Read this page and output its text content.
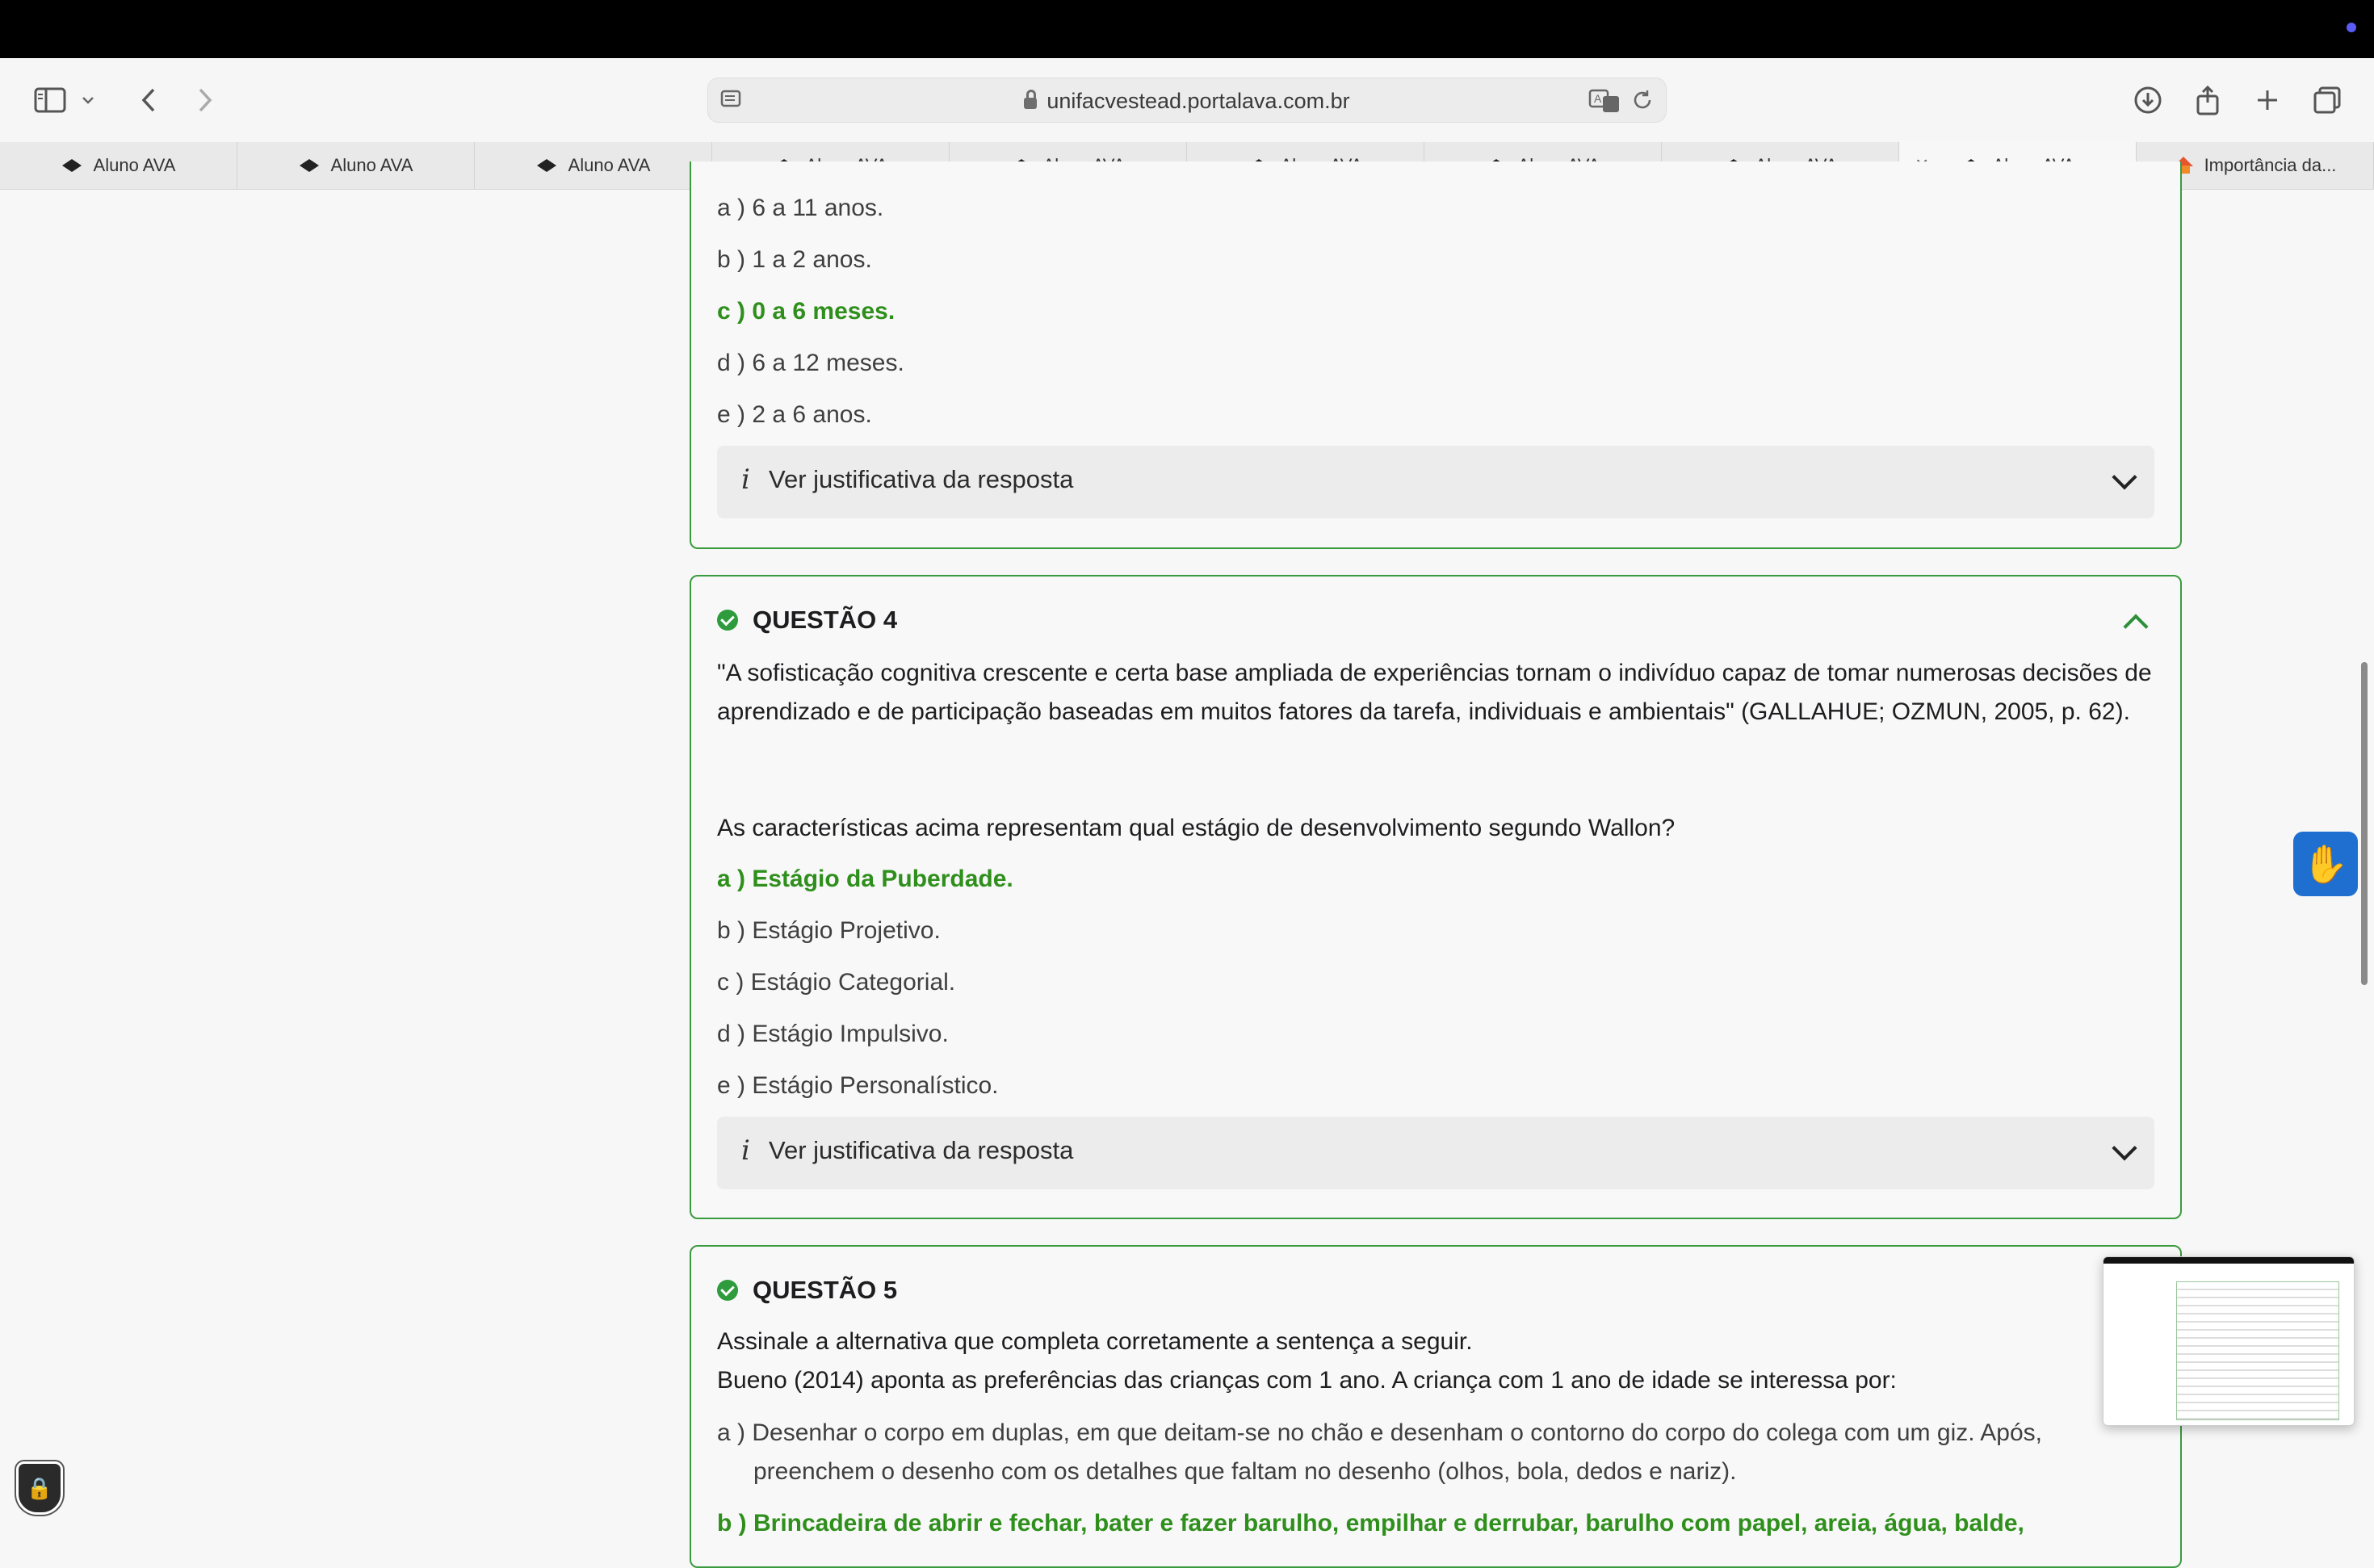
unifacvestead.portalava.com.br	A
Aluno AVA	Aluno AVA	Aluno AVA	Importância da...
a ) 6 a 11 anos.
b ) 1 a 2 anos.
c ) 0 a 6 meses.
d ) 6 a 12 meses.
e ) 2 a 6 anos.
i Ver justificativa da resposta
QUESTÃO 4
"A sofisticação cognitiva crescente e certa base ampliada de experiências tornam o indivíduo capaz de tomar numerosas decisões de aprendizado e de participação baseadas em muitos fatores da tarefa, individuais e ambientais" (GALLAHUE; OZMUN, 2005, p. 62).
As características acima representam qual estágio de desenvolvimento segundo Wallon?
a ) Estágio da Puberdade.
b ) Estágio Projetivo.
c ) Estágio Categorial.
d ) Estágio Impulsivo.
e ) Estágio Personalístico.
i Ver justificativa da resposta
QUESTÃO 5
Assinale a alternativa que completa corretamente a sentença a seguir.
Bueno (2014) aponta as preferências das crianças com 1 ano. A criança com 1 ano de idade se interessa por:
a ) Desenhar o corpo em duplas, em que deitam-se no chão e desenham o contorno do corpo do colega com um giz. Após,
preenchem o desenho com os detalhes que faltam no desenho (olhos, bola, dedos e nariz).
b ) Brincadeira de abrir e fechar, bater e fazer barulho, empilhar e derrubar, barulho com papel, areia, água, balde,
✋
🔒
